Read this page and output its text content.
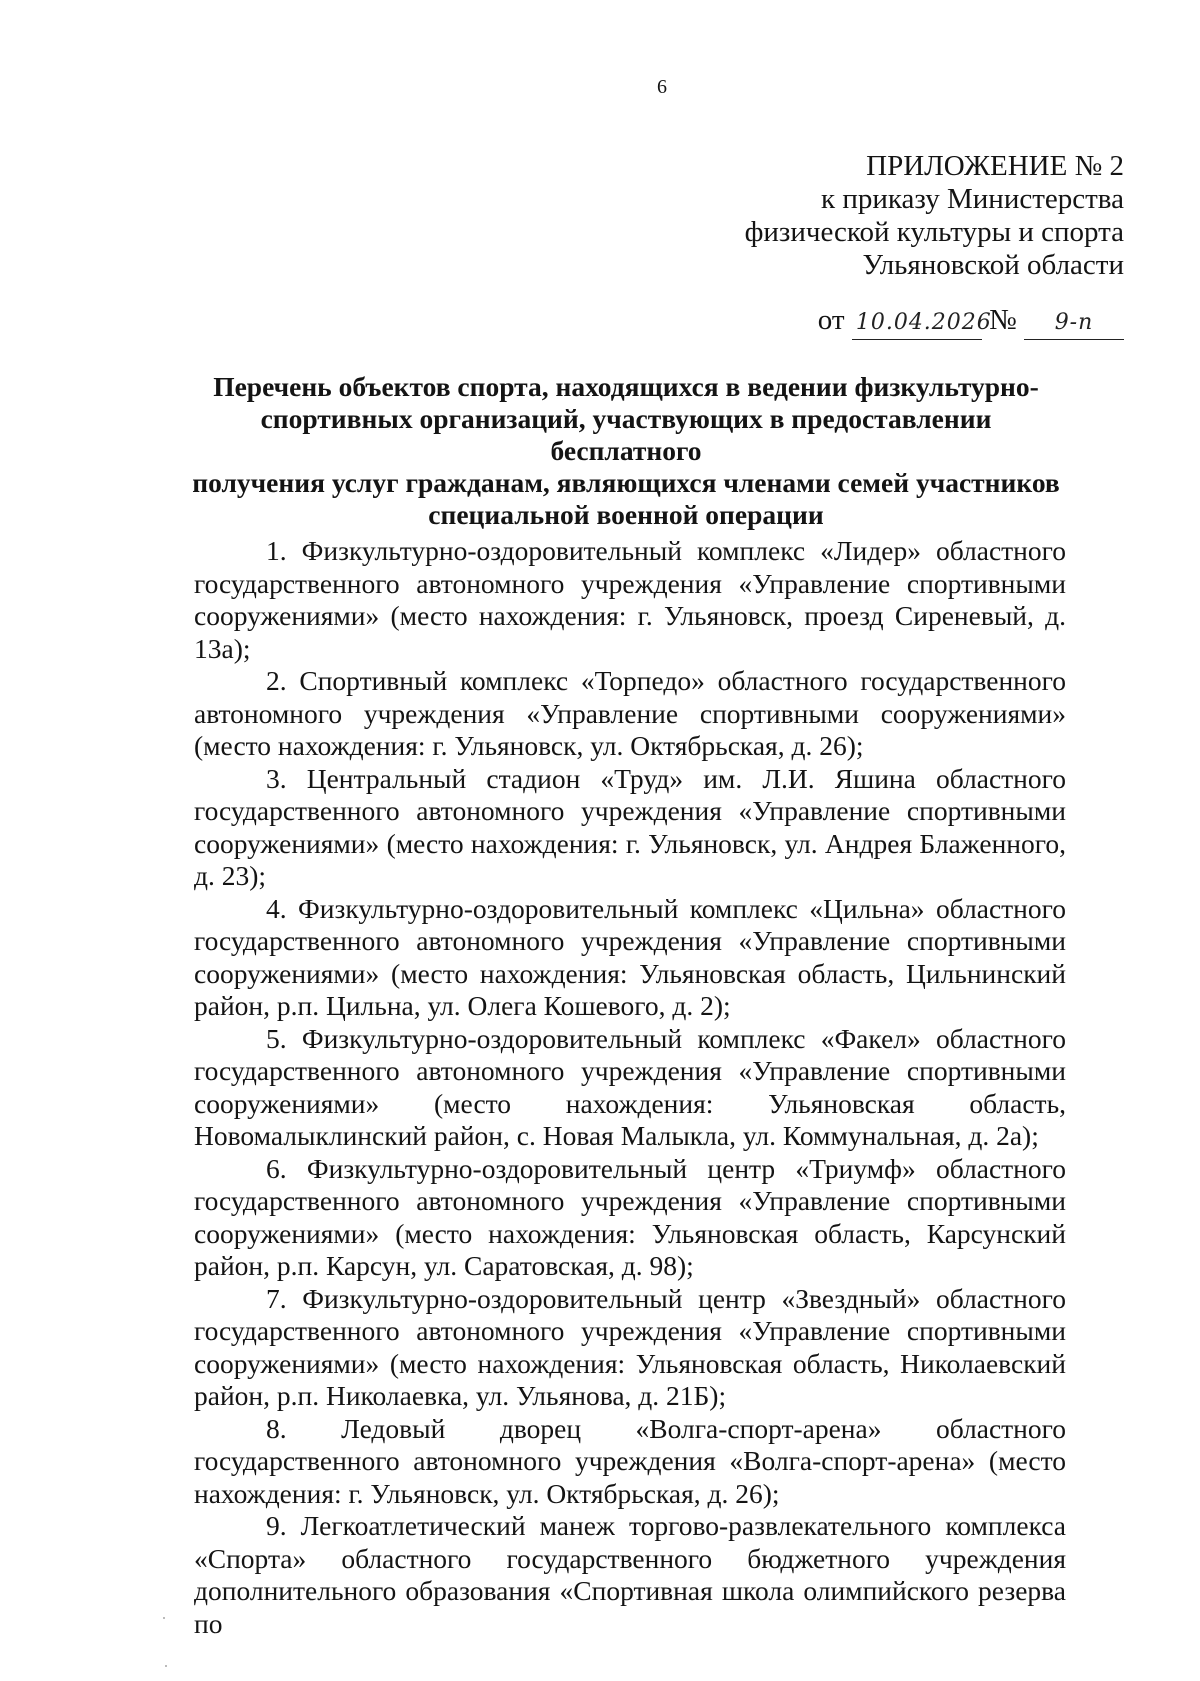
6
ПРИЛОЖЕНИЕ № 2
к приказу Министерства
физической культуры и спорта
Ульяновской области
от 10.04.2026 № 9-п
Перечень объектов спорта, находящихся в ведении физкультурно-
спортивных организаций, участвующих в предоставлении бесплатного
получения услуг гражданам, являющихся членами семей участников
специальной военной операции

1. Физкультурно-оздоровительный комплекс «Лидер» областного государственного автономного учреждения «Управление спортивными сооружениями» (место нахождения: г. Ульяновск, проезд Сиреневый, д. 13а);

2. Спортивный комплекс «Торпедо» областного государственного автономного учреждения «Управление спортивными сооружениями» (место нахождения: г. Ульяновск, ул. Октябрьская, д. 26);

3. Центральный стадион «Труд» им. Л.И. Яшина областного государственного автономного учреждения «Управление спортивными сооружениями» (место нахождения: г. Ульяновск, ул. Андрея Блаженного, д. 23);

4. Физкультурно-оздоровительный комплекс «Цильна» областного государственного автономного учреждения «Управление спортивными сооружениями» (место нахождения: Ульяновская область, Цильнинский район, р.п. Цильна, ул. Олега Кошевого, д. 2);

5. Физкультурно-оздоровительный комплекс «Факел» областного государственного автономного учреждения «Управление спортивными сооружениями» (место нахождения: Ульяновская область, Новомалыклинский район, с. Новая Малыкла, ул. Коммунальная, д. 2а);

6. Физкультурно-оздоровительный центр «Триумф» областного государственного автономного учреждения «Управление спортивными сооружениями» (место нахождения: Ульяновская область, Карсунский район, р.п. Карсун, ул. Саратовская, д. 98);

7. Физкультурно-оздоровительный центр «Звездный» областного государственного автономного учреждения «Управление спортивными сооружениями» (место нахождения: Ульяновская область, Николаевский район, р.п. Николаевка, ул. Ульянова, д. 21Б);

8. Ледовый дворец «Волга-спорт-арена» областного государственного автономного учреждения «Волга-спорт-арена» (место нахождения: г. Ульяновск, ул. Октябрьская, д. 26);

9. Легкоатлетический манеж торгово-развлекательного комплекса «Спорта» областного государственного бюджетного учреждения дополнительного образования «Спортивная школа олимпийского резерва по
